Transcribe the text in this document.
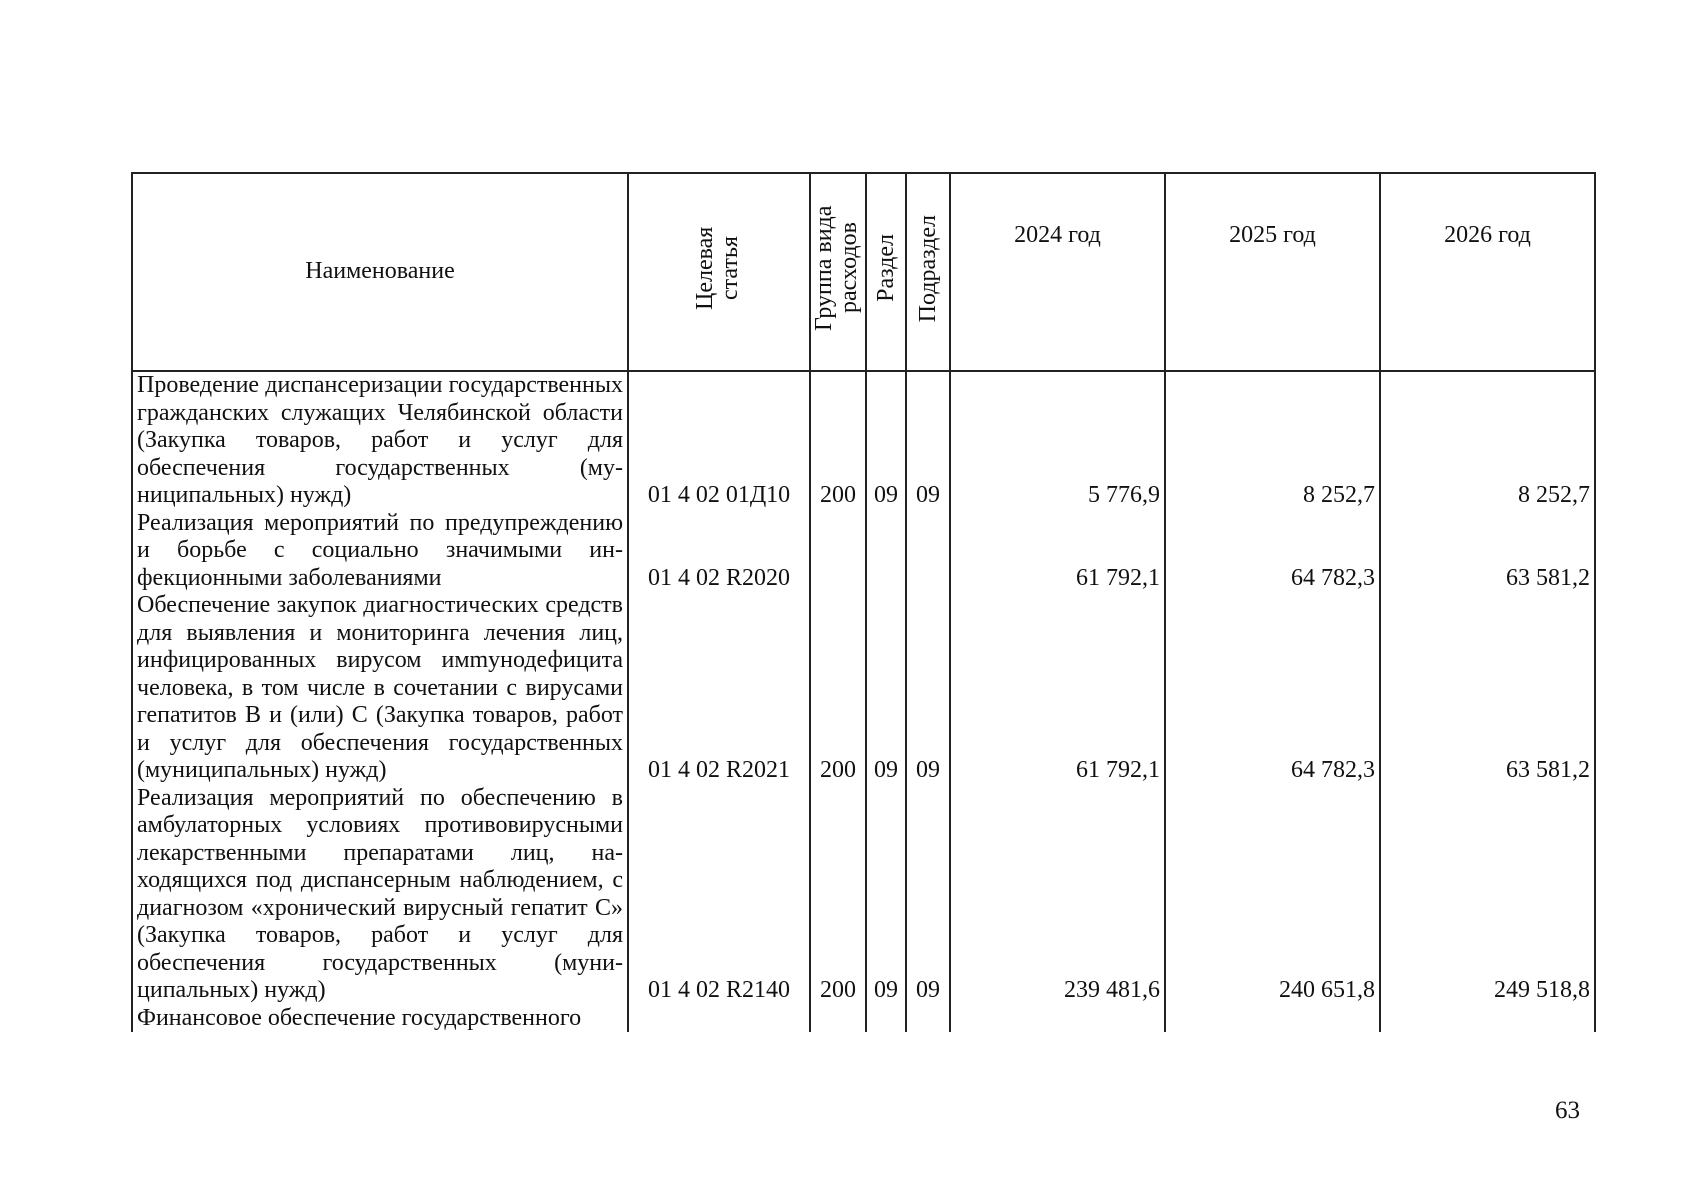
Наименование	Целевая статья	Группа вида расходов	Раздел	Подраздел	2024 год	2025 год	2026 год
Проведение диспансеризации государственных гражданских служащих Челябинской области (Закупка товаров, работ и услуг для обеспечения государственных (муниципальных) нужд)	01 4 02 01Д10	200	09	09	5 776,9	8 252,7	8 252,7
Реализация мероприятий по предупреждению и борьбе с социально значимыми инфекционными заболеваниями	01 4 02 R2020				61 792,1	64 782,3	63 581,2
Обеспечение закупок диагностических средств для выявления и мониторинга лечения лиц, инфицированных вирусом имmунодефицита человека, в том числе в сочетании с вирусами гепатитов В и (или) С (Закупка товаров, работ и услуг для обеспечения государственных (муниципальных) нужд)	01 4 02 R2021	200	09	09	61 792,1	64 782,3	63 581,2
Реализация мероприятий по обеспечению в амбулаторных условиях противовирусными лекарственными препаратами лиц, находящихся под диспансерным наблюдением, с диагнозом «хронический вирусный гепатит С» (Закупка товаров, работ и услуг для обеспечения государственных (муниципальных) нужд)	01 4 02 R2140	200	09	09	239 481,6	240 651,8	249 518,8
Финансовое обеспечение государственного							
63
